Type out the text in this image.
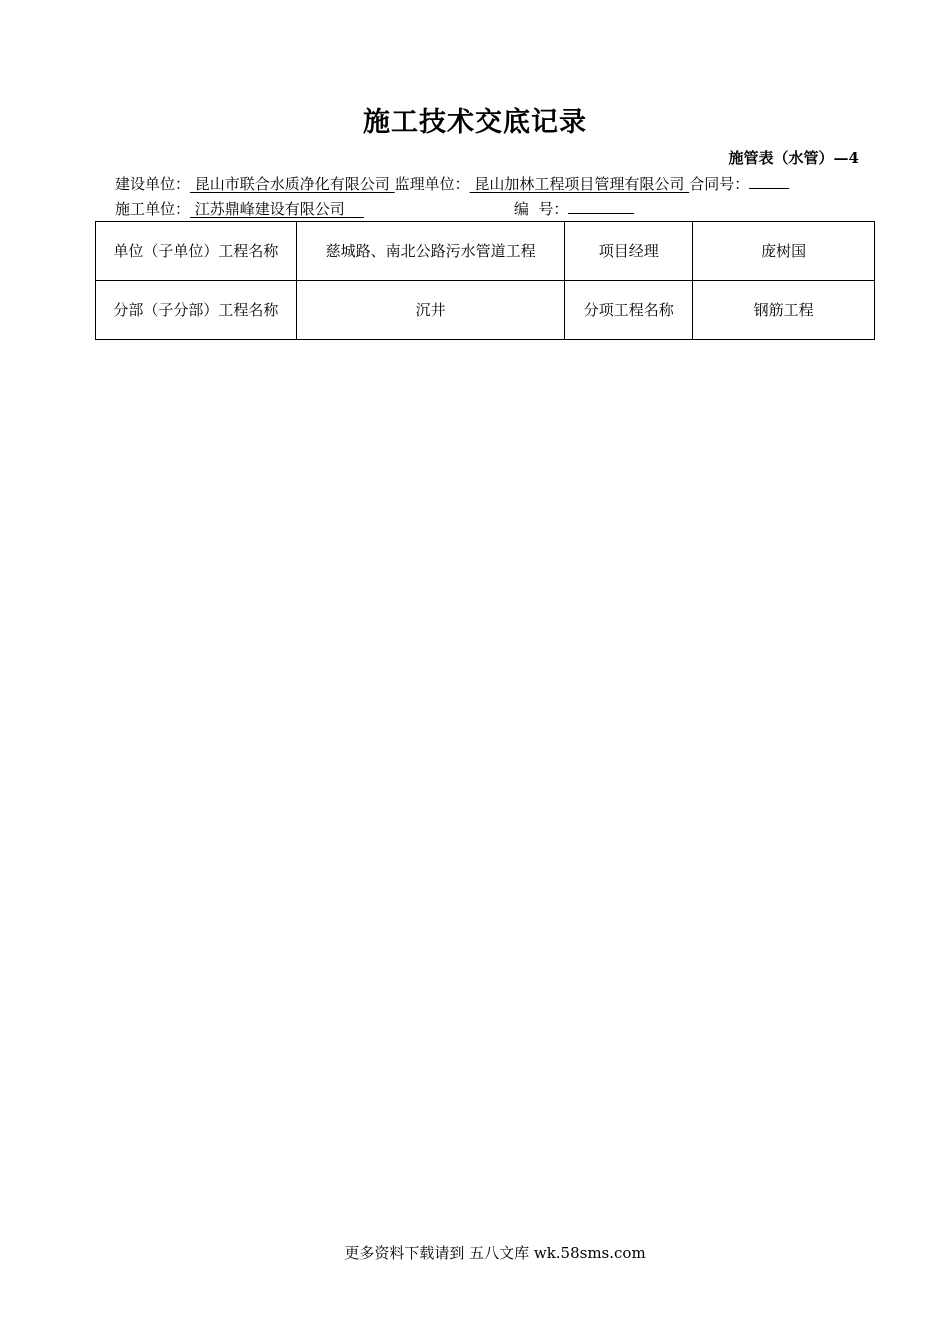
施工技术交底记录
施管表（水管）—4
建设单位： 昆山市联合水质净化有限公司 监理单位： 昆山加林工程项目管理有限公司 合同号：
施工单位： 江苏鼎峰建设有限公司	编  号：
单位（子单位）工程名称	慈城路、南北公路污水管道工程	项目经理	庞树国
分部（子分部）工程名称	沉井	分项工程名称	钢筋工程
更多资料下载请到 五八文库 wk.58sms.com
